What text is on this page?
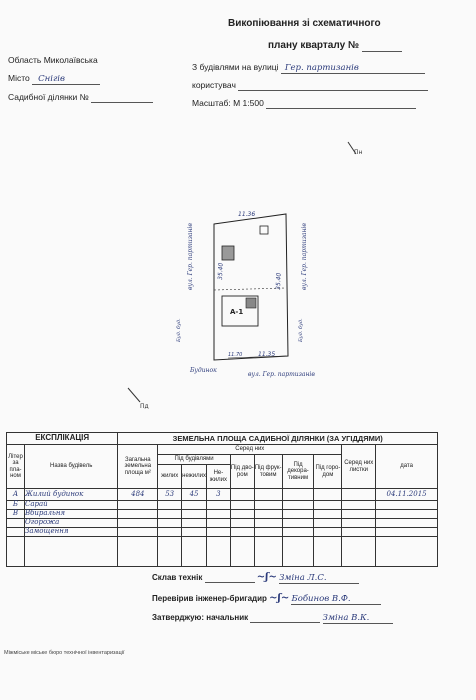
Викопіювання зі схематичного
плану кварталу №
Область Миколаївська
Місто Снігів
Садибної ділянки №
З будівлями на вулиці Гер. партизанів
користувач
Масштаб: М 1:500
Пн
А-1
11.36
35.40
35.40
11.35
11.70
вул. Гер. партизанів	вул. Гер. партизанів
Буд. буд.	Буд. буд.
Будинок
вул. Гер. партизанів
Пд
ЕКСПЛІКАЦІЯ		ЗЕМЕЛЬНА ПЛОЩА САДИБНОЇ ДІЛЯНКИ (ЗА УГІДДЯМИ)									
Літер за пла-ном	Назва будівель	Загальна земельна площа м²	Серед них							Серед них листки	дата
			Під будівлями			Під дво-ром	Під фрук-товим	Під декора-тивним	Під горо-дом		
			жилих	нежилих	Не-жилих						
А	Жилий будинок	484	53	45	3						04.11.2015
Б	Сарай										
В	Вбиральня										
	Огорожа										
	Замощення										

Склав технік	~ʃ~ Зміна Л.С.
Перевірив інженер-бригадир ~ʃ~ Бобинов В.Ф.
Затверджую: начальник	Зміна В.К.
Міжміське міське бюро технічної інвентаризації
